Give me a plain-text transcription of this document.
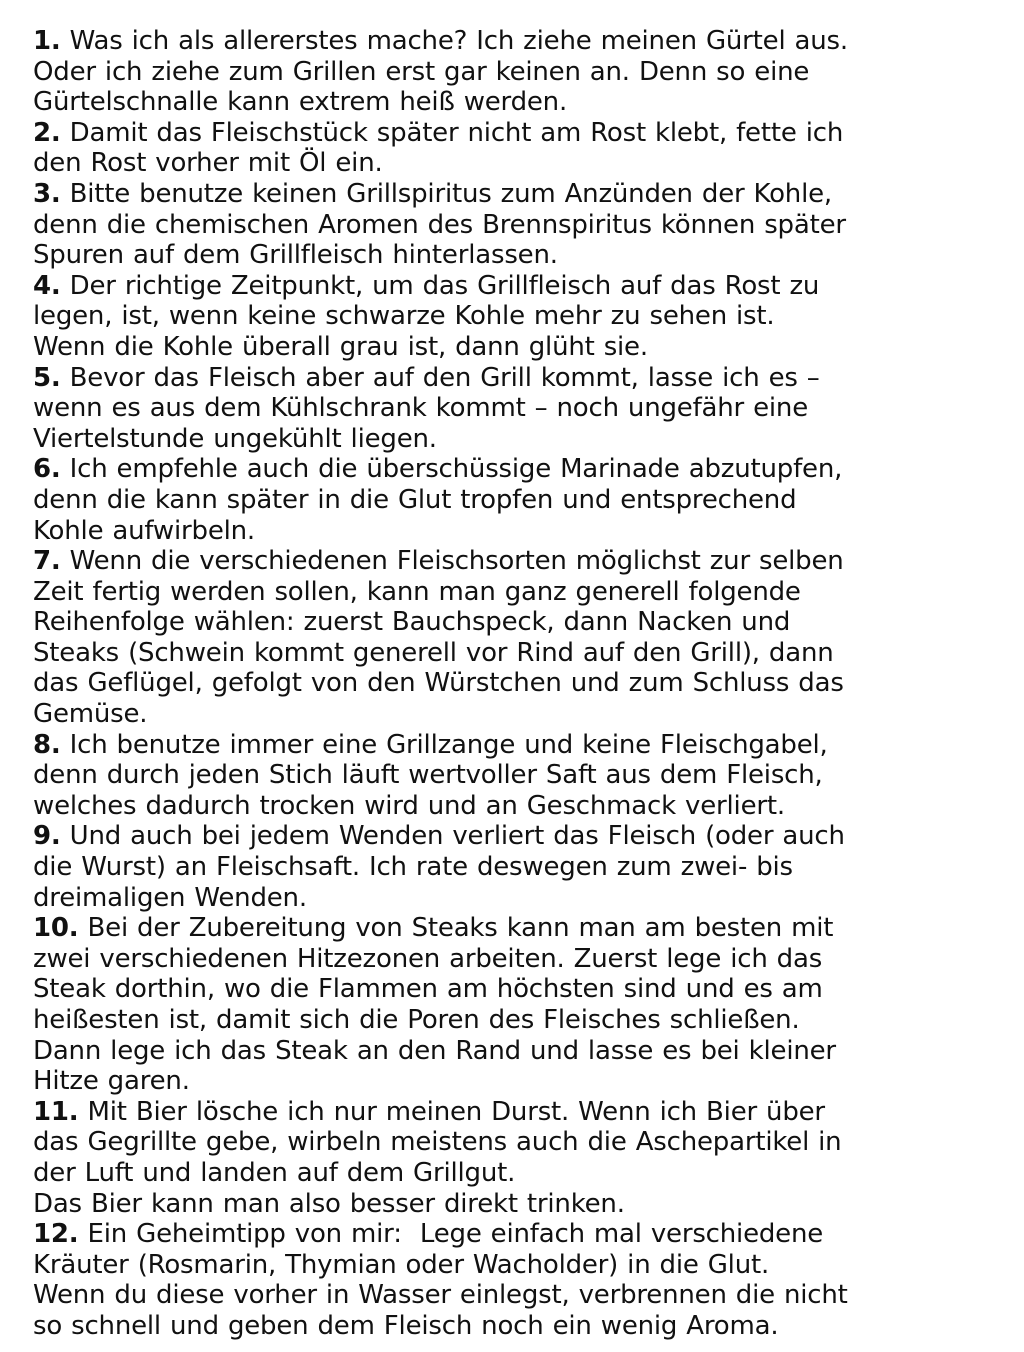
1. Was ich als allererstes mache? Ich ziehe meinen Gürtel aus.
Oder ich ziehe zum Grillen erst gar keinen an. Denn so eine
Gürtelschnalle kann extrem heiß werden.
2. Damit das Fleischstück später nicht am Rost klebt, fette ich
den Rost vorher mit Öl ein.
3. Bitte benutze keinen Grillspiritus zum Anzünden der Kohle,
denn die chemischen Aromen des Brennspiritus können später
Spuren auf dem Grillfleisch hinterlassen.
4. Der richtige Zeitpunkt, um das Grillfleisch auf das Rost zu
legen, ist, wenn keine schwarze Kohle mehr zu sehen ist.
Wenn die Kohle überall grau ist, dann glüht sie.
5. Bevor das Fleisch aber auf den Grill kommt, lasse ich es –
wenn es aus dem Kühlschrank kommt – noch ungefähr eine
Viertelstunde ungekühlt liegen.
6. Ich empfehle auch die überschüssige Marinade abzutupfen,
denn die kann später in die Glut tropfen und entsprechend
Kohle aufwirbeln.
7. Wenn die verschiedenen Fleischsorten möglichst zur selben
Zeit fertig werden sollen, kann man ganz generell folgende
Reihenfolge wählen: zuerst Bauchspeck, dann Nacken und
Steaks (Schwein kommt generell vor Rind auf den Grill), dann
das Geflügel, gefolgt von den Würstchen und zum Schluss das
Gemüse.
8. Ich benutze immer eine Grillzange und keine Fleischgabel,
denn durch jeden Stich läuft wertvoller Saft aus dem Fleisch,
welches dadurch trocken wird und an Geschmack verliert.
9. Und auch bei jedem Wenden verliert das Fleisch (oder auch
die Wurst) an Fleischsaft. Ich rate deswegen zum zwei- bis
dreimaligen Wenden.
10. Bei der Zubereitung von Steaks kann man am besten mit
zwei verschiedenen Hitzezonen arbeiten. Zuerst lege ich das
Steak dorthin, wo die Flammen am höchsten sind und es am
heißesten ist, damit sich die Poren des Fleisches schließen.
Dann lege ich das Steak an den Rand und lasse es bei kleiner
Hitze garen.
11. Mit Bier lösche ich nur meinen Durst. Wenn ich Bier über
das Gegrillte gebe, wirbeln meistens auch die Aschepartikel in
der Luft und landen auf dem Grillgut.
Das Bier kann man also besser direkt trinken.
12. Ein Geheimtipp von mir:  Lege einfach mal verschiedene
Kräuter (Rosmarin, Thymian oder Wacholder) in die Glut.
Wenn du diese vorher in Wasser einlegst, verbrennen die nicht
so schnell und geben dem Fleisch noch ein wenig Aroma.
